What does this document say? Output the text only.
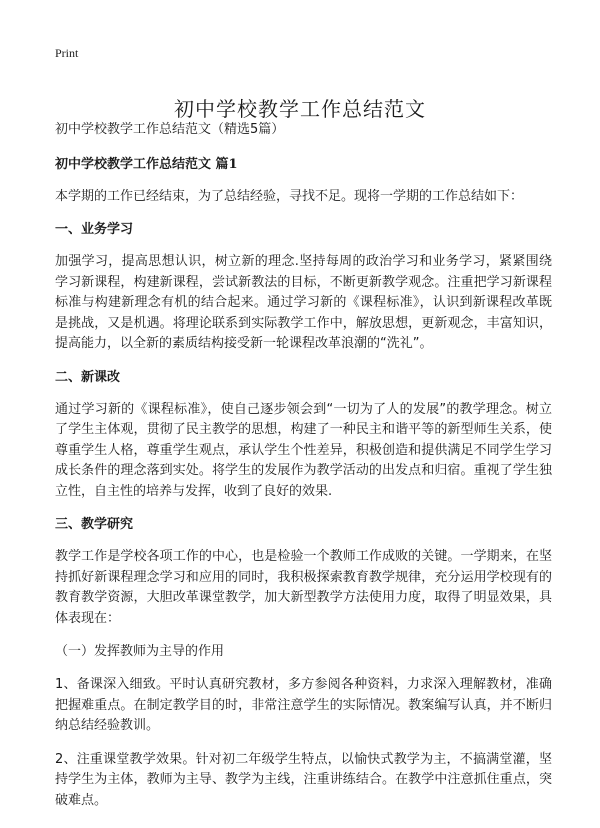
Print
初中学校教学工作总结范文

初中学校教学工作总结范文（精选5篇）

初中学校教学工作总结范文 篇1

本学期的工作已经结束，为了总结经验，寻找不足。现将一学期的工作总结如下：

一、业务学习

加强学习，提高思想认识，树立新的理念.坚持每周的政治学习和业务学习，紧紧围绕学习新课程，构建新课程，尝试新教法的目标，不断更新教学观念。注重把学习新课程标准与构建新理念有机的结合起来。通过学习新的《课程标准》，认识到新课程改革既是挑战，又是机遇。将理论联系到实际教学工作中，解放思想，更新观念，丰富知识，提高能力，以全新的素质结构接受新一轮课程改革浪潮的“洗礼”。

二、新课改

通过学习新的《课程标准》，使自己逐步领会到“一切为了人的发展”的教学理念。树立了学生主体观，贯彻了民主教学的思想，构建了一种民主和谐平等的新型师生关系，使尊重学生人格，尊重学生观点，承认学生个性差异，积极创造和提供满足不同学生学习成长条件的理念落到实处。将学生的发展作为教学活动的出发点和归宿。重视了学生独立性，自主性的培养与发挥，收到了良好的效果.

三、教学研究

教学工作是学校各项工作的中心，也是检验一个教师工作成败的关键。一学期来，在坚持抓好新课程理念学习和应用的同时，我积极探索教育教学规律，充分运用学校现有的教育教学资源，大胆改革课堂教学，加大新型教学方法使用力度，取得了明显效果，具体表现在：

（一）发挥教师为主导的作用

1、备课深入细致。平时认真研究教材，多方参阅各种资料，力求深入理解教材，准确把握难重点。在制定教学目的时，非常注意学生的实际情况。教案编写认真，并不断归纳总结经验教训。

2、注重课堂教学效果。针对初二年级学生特点，以愉快式教学为主，不搞满堂灌，坚持学生为主体，教师为主导、教学为主线，注重讲练结合。在教学中注意抓住重点，突破难点。
